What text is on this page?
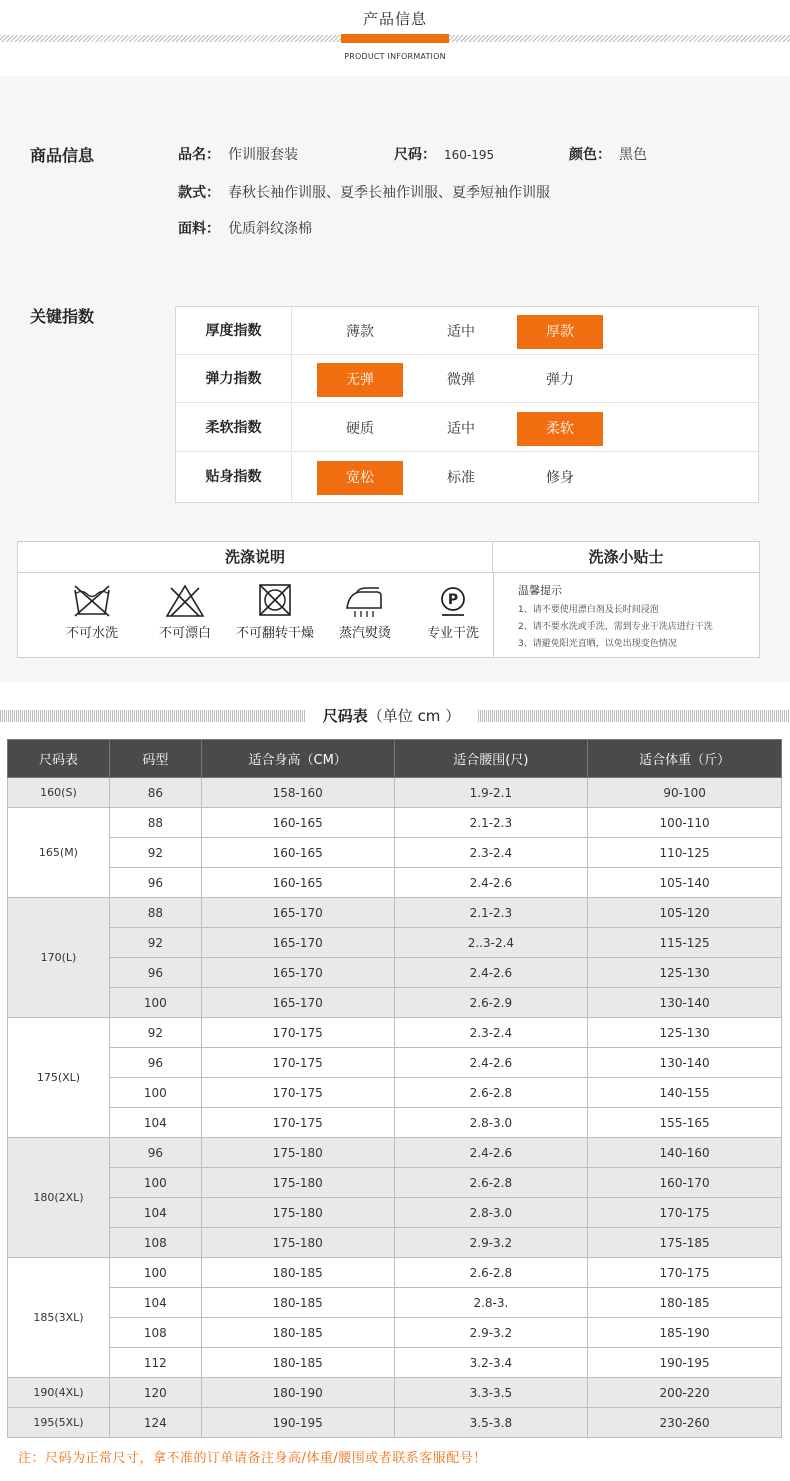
产品信息
PRODUCT INFORMATION
商品信息	品名： 作训服套装	尺码： 160-195	颜色： 黑色
款式： 春秋长袖作训服、夏季长袖作训服、夏季短袖作训服
面料： 优质斜纹涤棉
关键指数
厚度指数	薄款	适中	厚款
弹力指数	无弹	微弹	弹力
柔软指数	硬质	适中	柔软
贴身指数	宽松	标准	修身
洗涤说明	洗涤小贴士
不可水洗	不可漂白	不可翻转干燥	蒸汽熨烫
P
专业干洗
温馨提示
1、请不要使用漂白剂及长时间浸泡
2、请不要水洗或手洗，需到专业干洗店进行干洗
3、请避免阳光直晒，以免出现变色情况
尺码表（单位 cm ）
尺码表	码型	适合身高（CM）	适合腰围(尺)	适合体重（斤）
160(S)	86	158-160	1.9-2.1	90-100
165(M)	88	160-165	2.1-2.3	100-110
	92	160-165	2.3-2.4	110-125
	96	160-165	2.4-2.6	105-140
170(L)	88	165-170	2.1-2.3	105-120
	92	165-170	2..3-2.4	115-125
	96	165-170	2.4-2.6	125-130
	100	165-170	2.6-2.9	130-140
175(XL)	92	170-175	2.3-2.4	125-130
	96	170-175	2.4-2.6	130-140
	100	170-175	2.6-2.8	140-155
	104	170-175	2.8-3.0	155-165
180(2XL)	96	175-180	2.4-2.6	140-160
	100	175-180	2.6-2.8	160-170
	104	175-180	2.8-3.0	170-175
	108	175-180	2.9-3.2	175-185
185(3XL)	100	180-185	2.6-2.8	170-175
	104	180-185	2.8-3.	180-185
	108	180-185	2.9-3.2	185-190
	112	180-185	3.2-3.4	190-195
190(4XL)	120	180-190	3.3-3.5	200-220
195(5XL)	124	190-195	3.5-3.8	230-260
注：尺码为正常尺寸，拿不准的订单请备注身高/体重/腰围或者联系客服配号！
